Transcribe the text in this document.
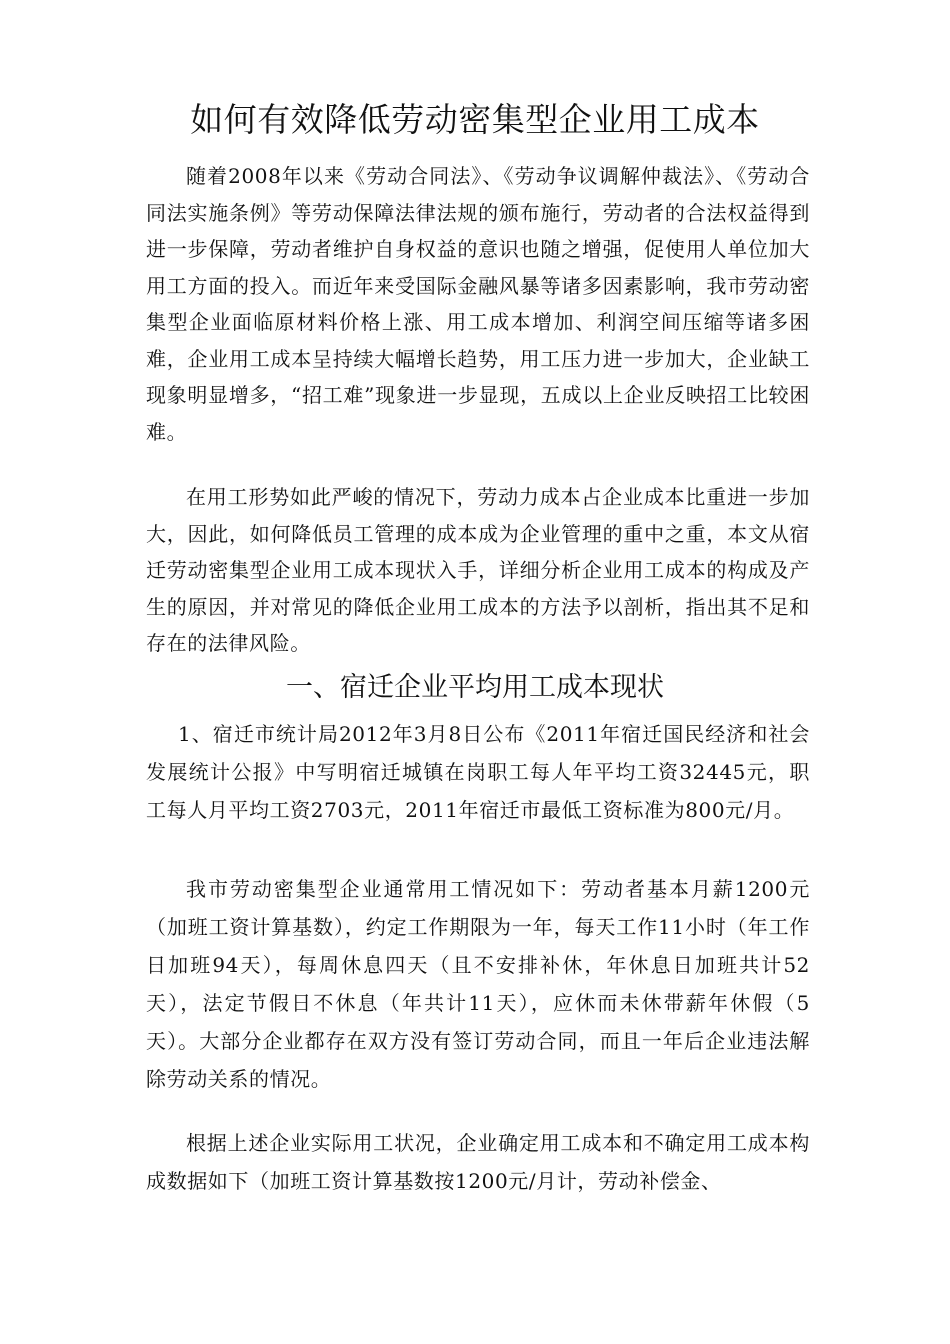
如何有效降低劳动密集型企业用工成本

随着2008年以来《劳动合同法》、《劳动争议调解仲裁法》、《劳动合同法实施条例》等劳动保障法律法规的颁布施行，劳动者的合法权益得到进一步保障，劳动者维护自身权益的意识也随之增强，促使用人单位加大用工方面的投入。而近年来受国际金融风暴等诸多因素影响，我市劳动密集型企业面临原材料价格上涨、用工成本增加、利润空间压缩等诸多困难，企业用工成本呈持续大幅增长趋势，用工压力进一步加大，企业缺工现象明显增多，“招工难”现象进一步显现，五成以上企业反映招工比较困难。

在用工形势如此严峻的情况下，劳动力成本占企业成本比重进一步加大，因此，如何降低员工管理的成本成为企业管理的重中之重，本文从宿迁劳动密集型企业用工成本现状入手，详细分析企业用工成本的构成及产生的原因，并对常见的降低企业用工成本的方法予以剖析，指出其不足和存在的法律风险。

一、宿迁企业平均用工成本现状

1、宿迁市统计局2012年3月8日公布《2011年宿迁国民经济和社会发展统计公报》中写明宿迁城镇在岗职工每人年平均工资32445元，职工每人月平均工资2703元，2011年宿迁市最低工资标准为800元/月。

我市劳动密集型企业通常用工情况如下：劳动者基本月薪1200元（加班工资计算基数），约定工作期限为一年，每天工作11小时（年工作日加班94天），每周休息四天（且不安排补休，年休息日加班共计52天），法定节假日不休息（年共计11天），应休而未休带薪年休假（5天）。大部分企业都存在双方没有签订劳动合同，而且一年后企业违法解除劳动关系的情况。

根据上述企业实际用工状况，企业确定用工成本和不确定用工成本构成数据如下（加班工资计算基数按1200元/月计，劳动补偿金、
